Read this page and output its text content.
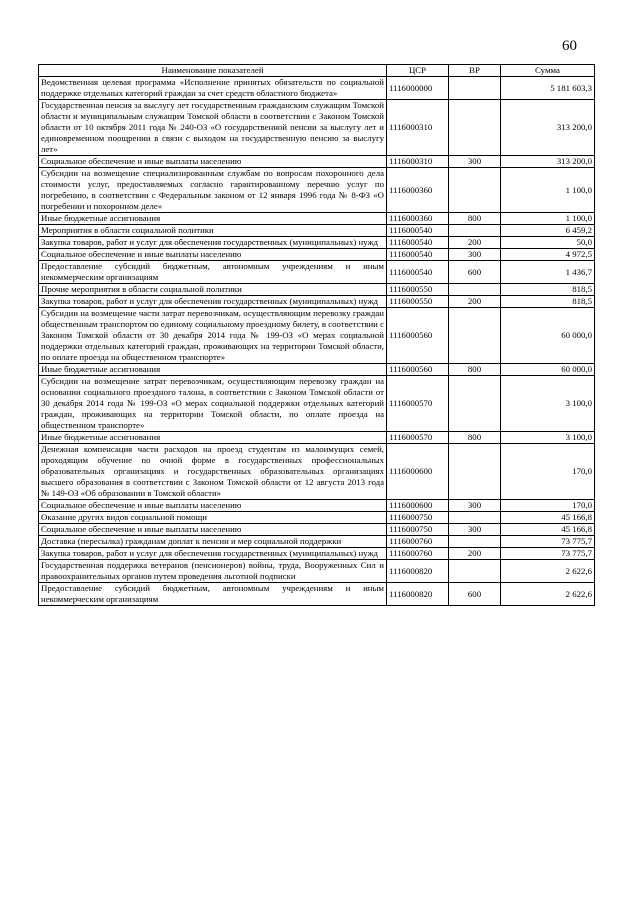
60
Наименование показателей	ЦСР	ВР	Сумма
Ведомственная целевая программа «Исполнение принятых обязательств по социальной поддержке отдельных категорий граждан за счет средств областного бюджета»	1116000000		5 181 603,3
Государственная пенсия за выслугу лет государственным гражданским служащим Томской области и муниципальным служащим Томской области в соответствии с Законом Томской области от 10 октября 2011 года № 240-ОЗ «О государственной пенсии за выслугу лет и единовременном поощрении в связи с выходом на государственную пенсию за выслугу лет»	1116000310		313 200,0
Социальное обеспечение и иные выплаты населению	1116000310	300	313 200,0
Субсидии на возмещение специализированным службам по вопросам похоронного дела стоимости услуг, предоставляемых согласно гарантированному перечню услуг по погребению, в соответствии с Федеральным законом от 12 января 1996 года № 8-ФЗ «О погребении и похоронном деле»	1116000360		1 100,0
Иные бюджетные ассигнования	1116000360	800	1 100,0
Мероприятия в области социальной политики	1116000540		6 459,2
Закупка товаров, работ и услуг для обеспечения государственных (муниципальных) нужд	1116000540	200	50,0
Социальное обеспечение и иные выплаты населению	1116000540	300	4 972,5
Предоставление субсидий бюджетным, автономным учреждениям и иным некоммерческим организациям	1116000540	600	1 436,7
Прочие мероприятия в области социальной политики	1116000550		818,5
Закупка товаров, работ и услуг для обеспечения государственных (муниципальных) нужд	1116000550	200	818,5
Субсидии на возмещение части затрат перевозчикам, осуществляющим перевозку граждан общественным транспортом по единому социальному проездному билету, в соответствии с Законом Томской области от 30 декабря 2014 года № 199-ОЗ «О мерах социальной поддержки отдельных категорий граждан, проживающих на территории Томской области, по оплате проезда на общественном транспорте»	1116000560		60 000,0
Иные бюджетные ассигнования	1116000560	800	60 000,0
Субсидии на возмещение затрат перевозчикам, осуществляющим перевозку граждан на основании социального проездного талона, в соответствии с Законом Томской области от 30 декабря 2014 года № 199-ОЗ «О мерах социальной поддержки отдельных категорий граждан, проживающих на территории Томской области, по оплате проезда на общественном транспорте»	1116000570		3 100,0
Иные бюджетные ассигнования	1116000570	800	3 100,0
Денежная компенсация части расходов на проезд студентам из малоимущих семей, проходящим обучение по очной форме в государственных профессиональных образовательных организациях и государственных образовательных организациях высшего образования в соответствии с Законом Томской области от 12 августа 2013 года № 149-ОЗ «Об образовании в Томской области»	1116000600		170,0
Социальное обеспечение и иные выплаты населению	1116000600	300	170,0
Оказание других видов социальной помощи	1116000750		45 166,8
Социальное обеспечение и иные выплаты населению	1116000750	300	45 166,8
Доставка (пересылка) гражданам доплат к пенсии и мер социальной поддержки	1116000760		73 775,7
Закупка товаров, работ и услуг для обеспечения государственных (муниципальных) нужд	1116000760	200	73 775,7
Государственная поддержка ветеранов (пенсионеров) войны, труда, Вооруженных Сил и правоохранительных органов путем проведения льготной подписки	1116000820		2 622,6
Предоставление субсидий бюджетным, автономным учреждениям и иным некоммерческим организациям	1116000820	600	2 622,6
